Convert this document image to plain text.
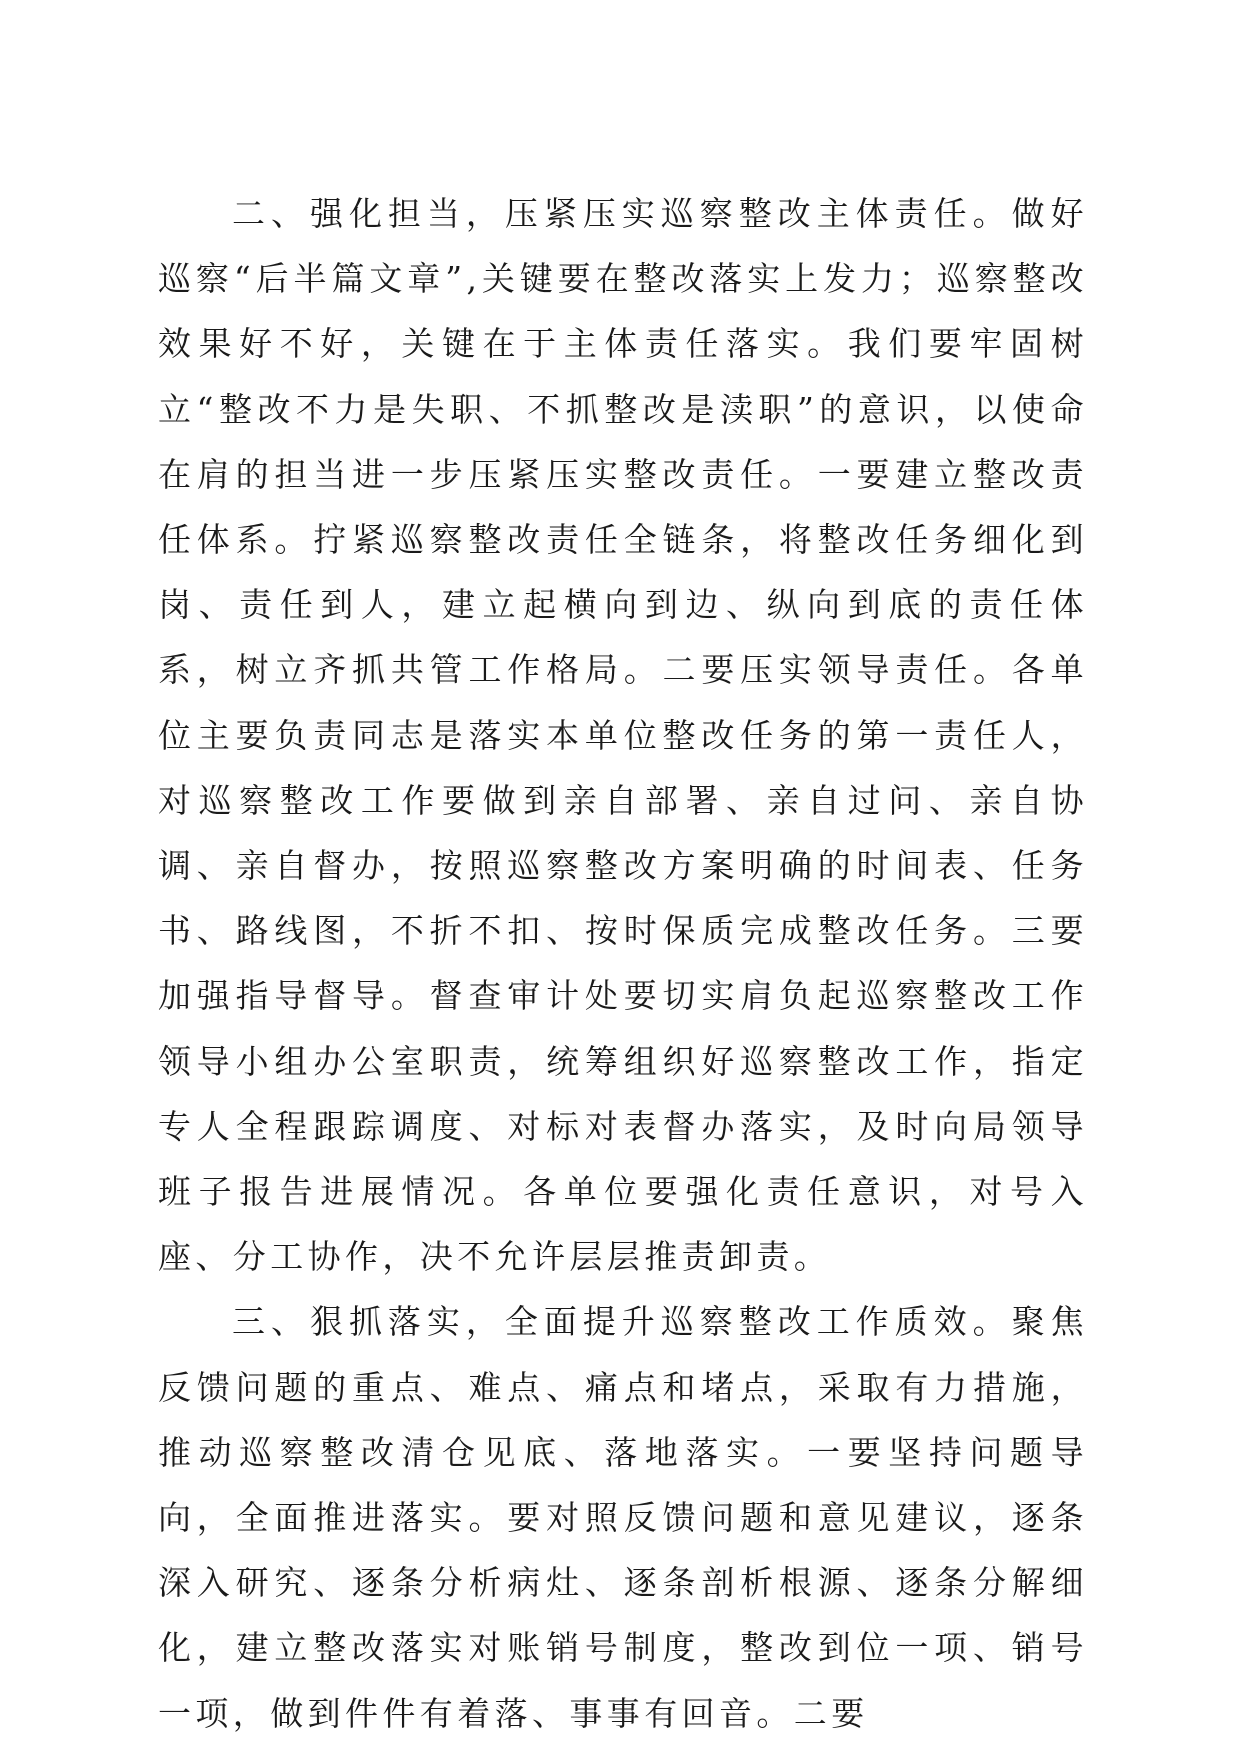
二、强化担当，压紧压实巡察整改主体责任。做好巡察“后半篇文章”,关键要在整改落实上发力；巡察整改效果好不好，关键在于主体责任落实。我们要牢固树立“整改不力是失职、不抓整改是渎职”的意识，以使命在肩的担当进一步压紧压实整改责任。一要建立整改责任体系。拧紧巡察整改责任全链条，将整改任务细化到岗、责任到人，建立起横向到边、纵向到底的责任体系，树立齐抓共管工作格局。二要压实领导责任。各单位主要负责同志是落实本单位整改任务的第一责任人，对巡察整改工作要做到亲自部署、亲自过问、亲自协调、亲自督办，按照巡察整改方案明确的时间表、任务书、路线图，不折不扣、按时保质完成整改任务。三要加强指导督导。督查审计处要切实肩负起巡察整改工作领导小组办公室职责，统筹组织好巡察整改工作，指定专人全程跟踪调度、对标对表督办落实，及时向局领导班子报告进展情况。各单位要强化责任意识，对号入座、分工协作，决不允许层层推责卸责。

三、狠抓落实，全面提升巡察整改工作质效。聚焦反馈问题的重点、难点、痛点和堵点，采取有力措施，推动巡察整改清仓见底、落地落实。一要坚持问题导向，全面推进落实。要对照反馈问题和意见建议，逐条深入研究、逐条分析病灶、逐条剖析根源、逐条分解细化，建立整改落实对账销号制度，整改到位一项、销号一项，做到件件有着落、事事有回音。二要
